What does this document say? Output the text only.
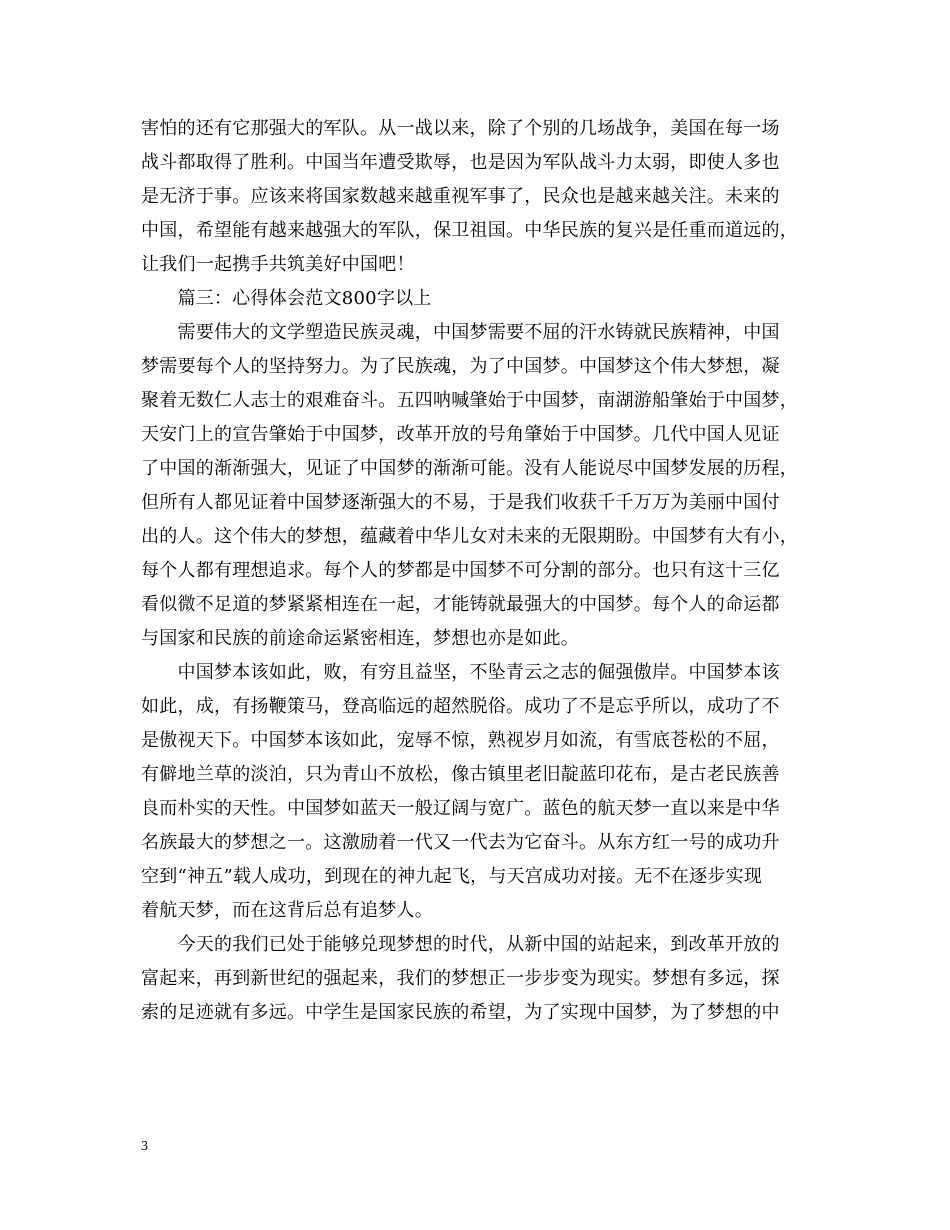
害怕的还有它那强大的军队。从一战以来，除了个别的几场战争，美国在每一场
战斗都取得了胜利。中国当年遭受欺辱，也是因为军队战斗力太弱，即使人多也
是无济于事。应该来将国家数越来越重视军事了，民众也是越来越关注。未来的
中国，希望能有越来越强大的军队，保卫祖国。中华民族的复兴是任重而道远的，
让我们一起携手共筑美好中国吧！

　　篇三：心得体会范文800字以上

　　需要伟大的文学塑造民族灵魂，中国梦需要不屈的汗水铸就民族精神，中国
梦需要每个人的坚持努力。为了民族魂，为了中国梦。中国梦这个伟大梦想，凝
聚着无数仁人志士的艰难奋斗。五四呐喊肇始于中国梦，南湖游船肇始于中国梦，
天安门上的宣告肇始于中国梦，改革开放的号角肇始于中国梦。几代中国人见证
了中国的渐渐强大，见证了中国梦的渐渐可能。没有人能说尽中国梦发展的历程，
但所有人都见证着中国梦逐渐强大的不易，于是我们收获千千万万为美丽中国付
出的人。这个伟大的梦想，蕴藏着中华儿女对未来的无限期盼。中国梦有大有小，
每个人都有理想追求。每个人的梦都是中国梦不可分割的部分。也只有这十三亿
看似微不足道的梦紧紧相连在一起，才能铸就最强大的中国梦。每个人的命运都
与国家和民族的前途命运紧密相连，梦想也亦是如此。

　　中国梦本该如此，败，有穷且益坚，不坠青云之志的倔强傲岸。中国梦本该
如此，成，有扬鞭策马，登高临远的超然脱俗。成功了不是忘乎所以，成功了不
是傲视天下。中国梦本该如此，宠辱不惊，熟视岁月如流，有雪底苍松的不屈，
有僻地兰草的淡泊，只为青山不放松，像古镇里老旧靛蓝印花布，是古老民族善
良而朴实的天性。中国梦如蓝天一般辽阔与宽广。蓝色的航天梦一直以来是中华
名族最大的梦想之一。这激励着一代又一代去为它奋斗。从东方红一号的成功升
空到“神五”载人成功，到现在的神九起飞，与天宫成功对接。无不在逐步实现
着航天梦，而在这背后总有追梦人。

　　今天的我们已处于能够兑现梦想的时代，从新中国的站起来，到改革开放的
富起来，再到新世纪的强起来，我们的梦想正一步步变为现实。梦想有多远，探
索的足迹就有多远。中学生是国家民族的希望，为了实现中国梦，为了梦想的中

3
